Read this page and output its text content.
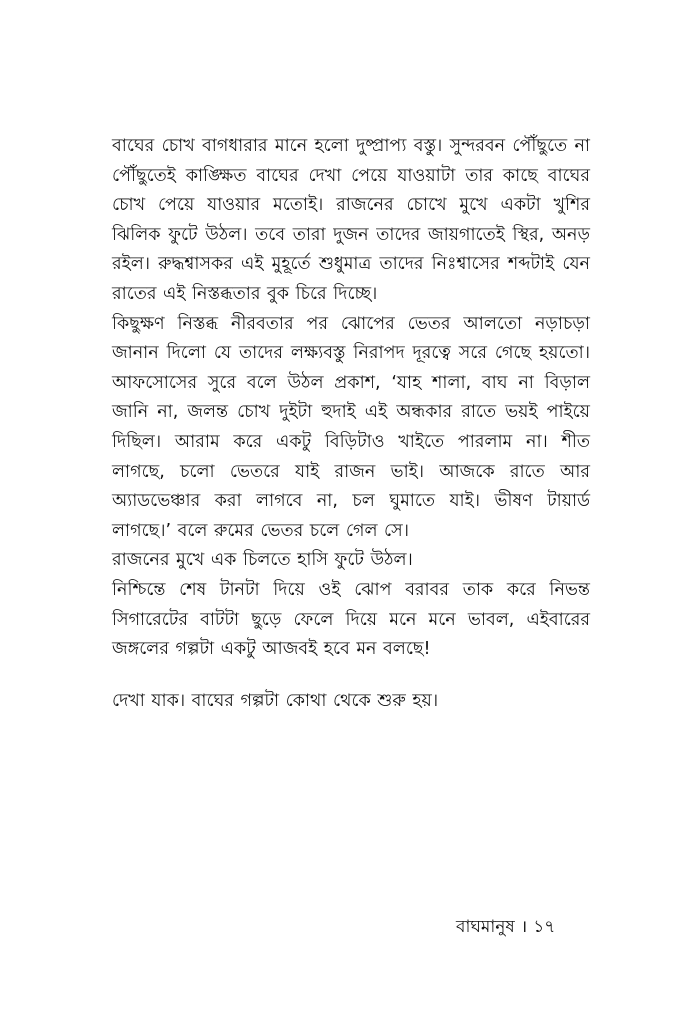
বাঘের চোখ বাগধারার মানে হলো দুষ্প্রাপ্য বস্তু। সুন্দরবন পৌঁছুতে না পৌঁছুতেই কাঙ্ক্ষিত বাঘের দেখা পেয়ে যাওয়াটা তার কাছে বাঘের চোখ পেয়ে যাওয়ার মতোই। রাজনের চোখে মুখে একটা খুশির ঝিলিক ফুটে উঠল। তবে তারা দুজন তাদের জায়গাতেই স্থির, অনড় রইল। রুদ্ধশ্বাসকর এই মুহূর্তে শুধুমাত্র তাদের নিঃশ্বাসের শব্দটাই যেন রাতের এই নিস্তব্ধতার বুক চিরে দিচ্ছে।

কিছুক্ষণ নিস্তব্ধ নীরবতার পর ঝোপের ভেতর আলতো নড়াচড়া জানান দিলো যে তাদের লক্ষ্যবস্তু নিরাপদ দূরত্বে সরে গেছে হয়তো। আফসোসের সুরে বলে উঠল প্রকাশ, ‘যাহ শালা, বাঘ না বিড়াল জানি না, জলন্ত চোখ দুইটা হুদাই এই অন্ধকার রাতে ভয়ই পাইয়ে দিছিল। আরাম করে একটু বিড়িটাও খাইতে পারলাম না। শীত লাগছে, চলো ভেতরে যাই রাজন ভাই। আজকে রাতে আর অ্যাডভেঞ্চার করা লাগবে না, চল ঘুমাতে যাই। ভীষণ টায়ার্ড লাগছে।’ বলে রুমের ভেতর চলে গেল সে।

রাজনের মুখে এক চিলতে হাসি ফুটে উঠল।

নিশ্চিন্তে শেষ টানটা দিয়ে ওই ঝোপ বরাবর তাক করে নিভন্ত সিগারেটের বাটটা ছুড়ে ফেলে দিয়ে মনে মনে ভাবল, এইবারের জঙ্গলের গল্পটা একটু আজবই হবে মন বলছে!

দেখা যাক। বাঘের গল্পটা কোথা থেকে শুরু হয়।

বাঘমানুষ । ১৭
